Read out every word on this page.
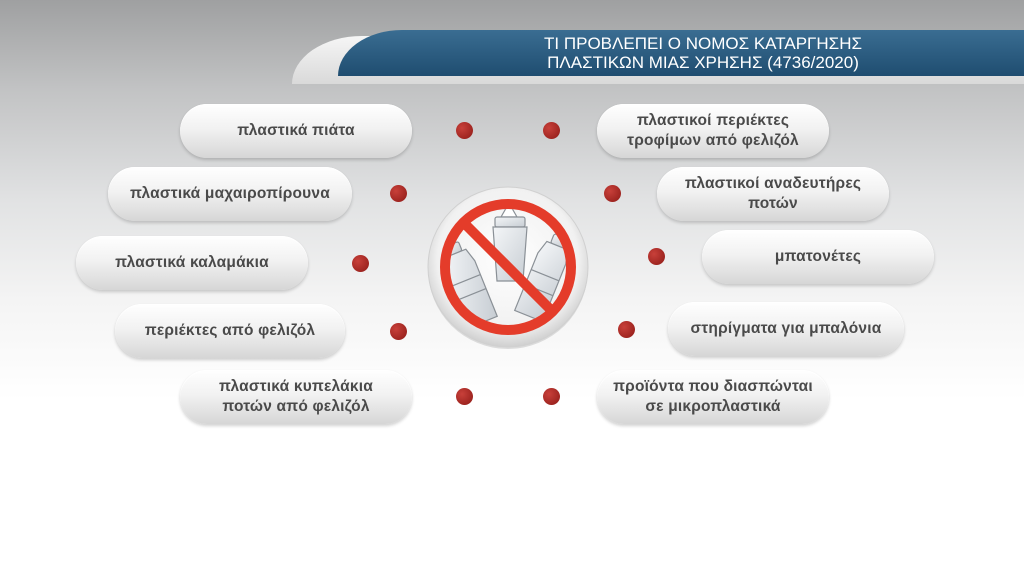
ΤΙ ΠΡΟΒΛΕΠΕΙ Ο ΝΟΜΟΣ ΚΑΤΑΡΓΗΣΗΣ
ΠΛΑΣΤΙΚΩΝ ΜΙΑΣ ΧΡΗΣΗΣ (4736/2020)
πλαστικά πιάτα
πλαστικά μαχαιροπίρουνα
πλαστικά καλαμάκια
περιέκτες από φελιζόλ
πλαστικά κυπελάκια
ποτών από φελιζόλ
πλαστικοί περιέκτες
τροφίμων από φελιζόλ
πλαστικοί αναδευτήρες
ποτών
μπατονέτες
στηρίγματα για μπαλόνια
προϊόντα που διασπώνται
σε μικροπλαστικά
